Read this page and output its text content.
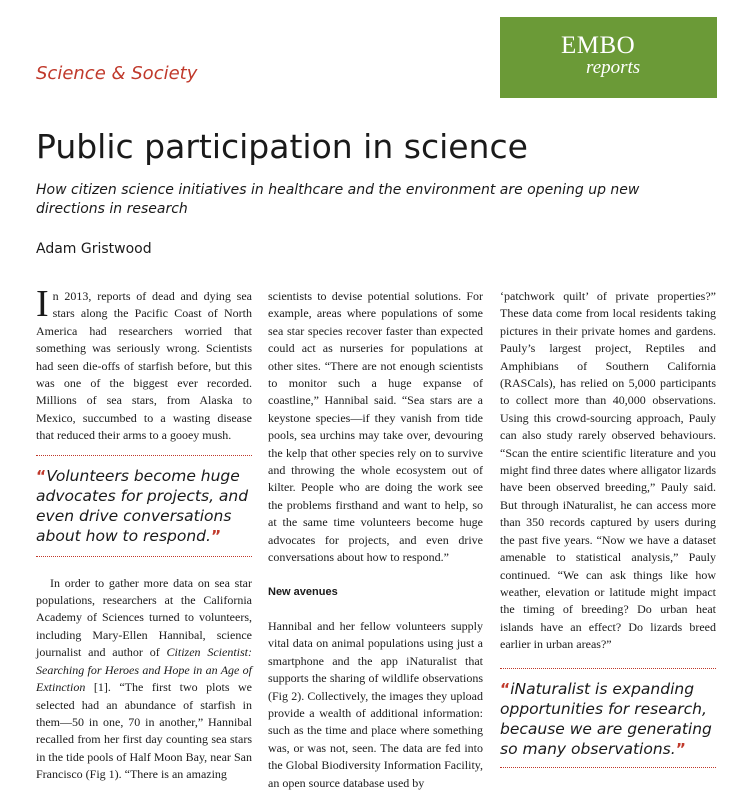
EMBO
reports
Science & Society
Public participation in science
How citizen science initiatives in healthcare and the environment are opening up new directions in research
Adam Gristwood

In 2013, reports of dead and dying sea stars along the Pacific Coast of North America had researchers worried that something was seriously wrong. Scientists had seen die-offs of starfish before, but this was one of the biggest ever recorded. Millions of sea stars, from Alaska to Mexico, succumbed to a wasting disease that reduced their arms to a gooey mush.

“Volunteers become huge advocates for projects, and even drive conversations about how to respond.”

In order to gather more data on sea star populations, researchers at the California Academy of Sciences turned to volunteers, including Mary-Ellen Hannibal, science journalist and author of Citizen Scientist: Searching for Heroes and Hope in an Age of Extinction [1]. “The first two plots we selected had an abundance of starfish in them—50 in one, 70 in another,” Hannibal recalled from her first day counting sea stars in the tide pools of Half Moon Bay, near San Francisco (Fig 1). “There is an amazing

scientists to devise potential solutions. For example, areas where populations of some sea star species recover faster than expected could act as nurseries for populations at other sites. “There are not enough scientists to monitor such a huge expanse of coastline,” Hannibal said. “Sea stars are a keystone species—if they vanish from tide pools, sea urchins may take over, devouring the kelp that other species rely on to survive and throwing the whole ecosystem out of kilter. People who are doing the work see the problems firsthand and want to help, so at the same time volunteers become huge advocates for projects, and even drive conversations about how to respond.”

New avenues

Hannibal and her fellow volunteers supply vital data on animal populations using just a smartphone and the app iNaturalist that supports the sharing of wildlife observations (Fig 2). Collectively, the images they upload provide a wealth of additional information: such as the time and place where something was, or was not, seen. The data are fed into the Global Biodiversity Information Facility, an open source database used by

‘patchwork quilt’ of private properties?” These data come from local residents taking pictures in their private homes and gardens. Pauly’s largest project, Reptiles and Amphibians of Southern California (RASCals), has relied on 5,000 participants to collect more than 40,000 observations. Using this crowd-sourcing approach, Pauly can also study rarely observed behaviours. “Scan the entire scientific literature and you might find three dates where alligator lizards have been observed breeding,” Pauly said. But through iNaturalist, he can access more than 350 records captured by users during the past five years. “Now we have a dataset amenable to statistical analysis,” Pauly continued. “We can ask things like how weather, elevation or latitude might impact the timing of breeding? Do urban heat islands have an effect? Do lizards breed earlier in urban areas?”

“iNaturalist is expanding opportunities for research, because we are generating so many observations.”
